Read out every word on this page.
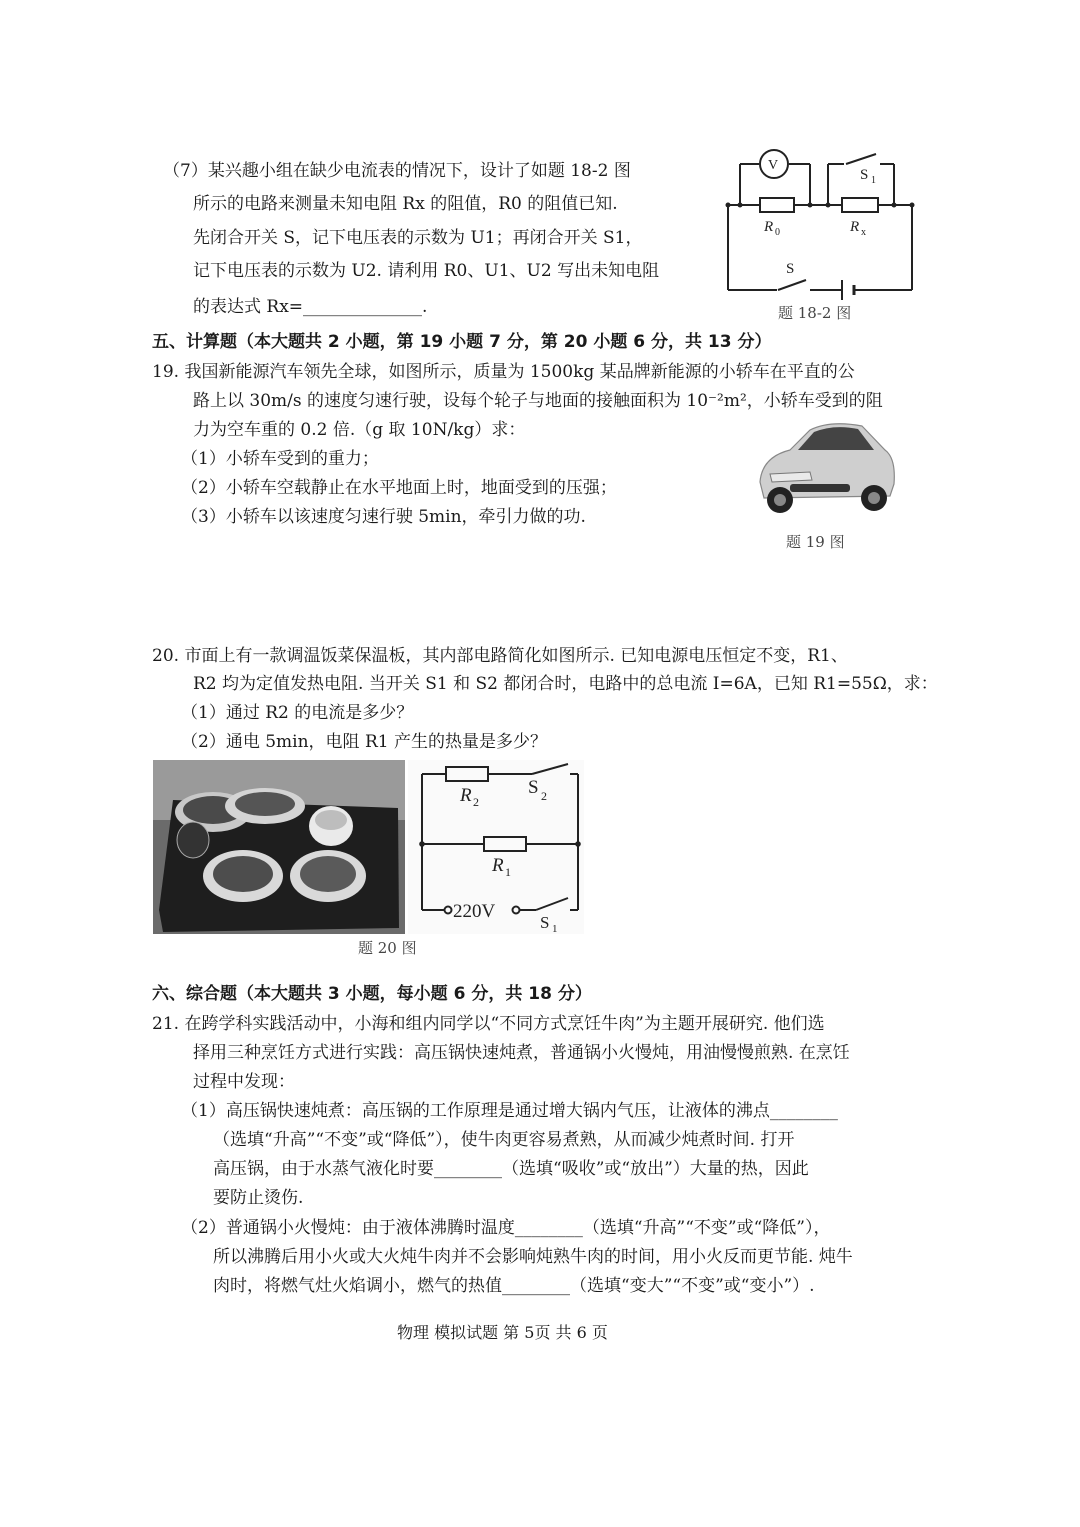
（7）某兴趣小组在缺少电流表的情况下，设计了如题 18-2 图
所示的电路来测量未知电阻 Rx 的阻值，R0 的阻值已知.
先闭合开关 S，记下电压表的示数为 U1；再闭合开关 S1，
记下电压表的示数为 U2. 请利用 R0、U1、U2 写出未知电阻
的表达式 Rx=______________.
V
S 1
R 0	R x
S
题 18-2 图
五、计算题（本大题共 2 小题，第 19 小题 7 分，第 20 小题 6 分，共 13 分）
19. 我国新能源汽车领先全球，如图所示，质量为 1500kg 某品牌新能源的小轿车在平直的公
路上以 30m/s 的速度匀速行驶，设每个轮子与地面的接触面积为 10⁻²m²，小轿车受到的阻
力为空车重的 0.2 倍.（g 取 10N/kg）求：
（1）小轿车受到的重力；
（2）小轿车空载静止在水平地面上时，地面受到的压强；
（3）小轿车以该速度匀速行驶 5min，牵引力做的功.
题 19 图
20. 市面上有一款调温饭菜保温板，其内部电路简化如图所示. 已知电源电压恒定不变，R1、
R2 均为定值发热电阻. 当开关 S1 和 S2 都闭合时，电路中的总电流 I=6A，已知 R1=55Ω，求：
（1）通过 R2 的电流是多少？
（2）通电 5min，电阻 R1 产生的热量是多少？
R 2
S 2
R 1
220V
S 1
题 20 图
六、综合题（本大题共 3 小题，每小题 6 分，共 18 分）
21. 在跨学科实践活动中，小海和组内同学以“不同方式烹饪牛肉”为主题开展研究. 他们选
择用三种烹饪方式进行实践：高压锅快速炖煮，普通锅小火慢炖，用油慢慢煎熟. 在烹饪
过程中发现：
（1）高压锅快速炖煮：高压锅的工作原理是通过增大锅内气压，让液体的沸点________
（选填“升高”“不变”或“降低”），使牛肉更容易煮熟，从而减少炖煮时间. 打开
高压锅，由于水蒸气液化时要________（选填“吸收”或“放出”）大量的热，因此
要防止烫伤.
（2）普通锅小火慢炖：由于液体沸腾时温度________（选填“升高”“不变”或“降低”），
所以沸腾后用小火或大火炖牛肉并不会影响炖熟牛肉的时间，用小火反而更节能. 炖牛
肉时，将燃气灶火焰调小，燃气的热值________（选填“变大”“不变”或“变小”）.
物理 模拟试题 第 5页 共 6 页
